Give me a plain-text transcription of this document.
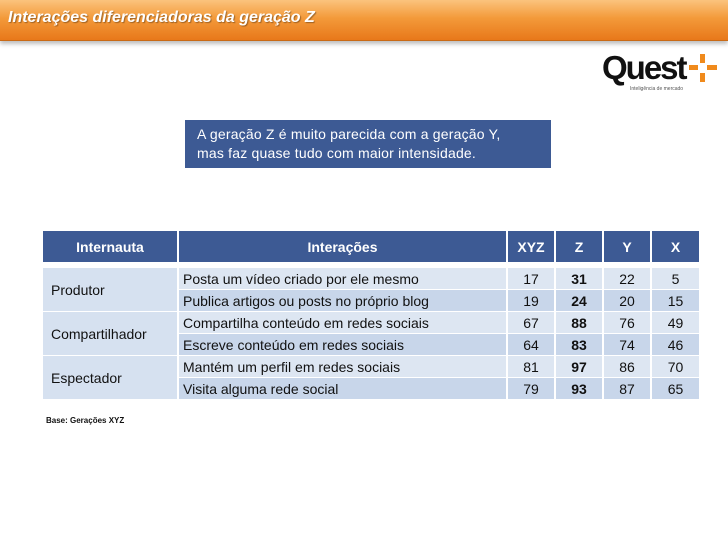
Interações diferenciadoras da geração Z
Quest
Inteligência de mercado
A geração Z é muito parecida com a geração Y,
mas faz quase tudo com maior intensidade.
Internauta	Interações	XYZ	Z	Y	X

Produtor	Posta um vídeo criado por ele mesmo	17	31	22	5
	Publica artigos ou posts no próprio blog	19	24	20	15
Compartilhador	Compartilha conteúdo em redes sociais	67	88	76	49
	Escreve conteúdo em redes sociais	64	83	74	46
Espectador	Mantém um perfil em redes sociais	81	97	86	70
	Visita alguma rede social	79	93	87	65
Base: Gerações XYZ
